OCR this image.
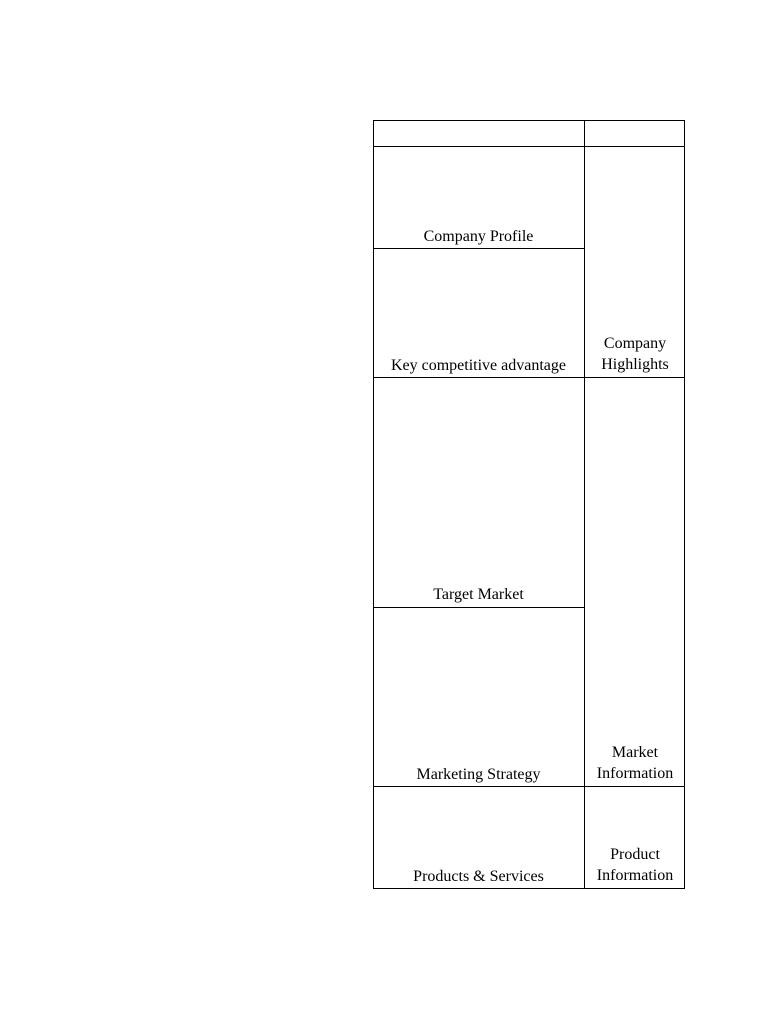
Company Profile
Key competitive advantage
Target Market
Marketing Strategy
Products & Services
Company
Highlights
Market
Information
Product
Information
